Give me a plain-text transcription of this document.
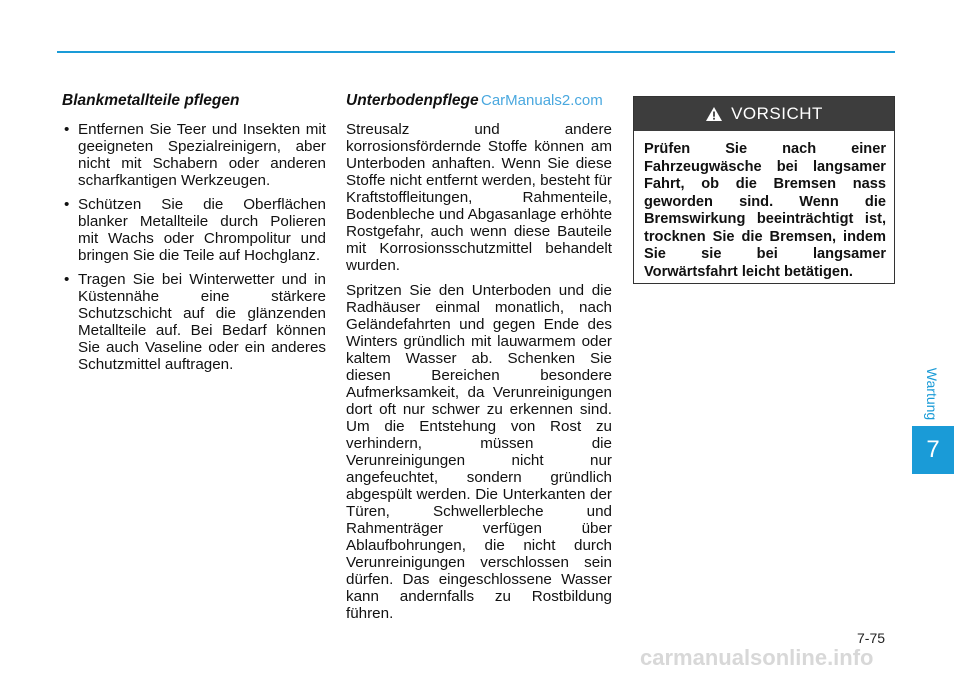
Blankmetallteile pflegen
• Entfernen Sie Teer und Insekten mit geeigneten Spezialreinigern, aber nicht mit Schabern oder anderen scharfkantigen Werkzeugen.
• Schützen Sie die Oberflächen blanker Metallteile durch Polieren mit Wachs oder Chrompolitur und bringen Sie die Teile auf Hochglanz.
• Tragen Sie bei Winterwetter und in Küstennähe eine stärkere Schutzschicht auf die glänzenden Metallteile auf. Bei Bedarf können Sie auch Vaseline oder ein anderes Schutzmittel auftragen.
Unterbodenpflege

Streusalz und andere korrosionsfördernde Stoffe können am Unterboden anhaften. Wenn Sie diese Stoffe nicht entfernt werden, besteht für Kraftstoffleitungen, Rahmenteile, Bodenbleche und Abgasanlage erhöhte Rostgefahr, auch wenn diese Bauteile mit Korrosionsschutzmittel behandelt wurden.

Spritzen Sie den Unterboden und die Radhäuser einmal monatlich, nach Geländefahrten und gegen Ende des Winters gründlich mit lauwarmem oder kaltem Wasser ab. Schenken Sie diesen Bereichen besondere Aufmerksamkeit, da Verunreinigungen dort oft nur schwer zu erkennen sind. Um die Entstehung von Rost zu verhindern, müssen die Verunreinigungen nicht nur angefeuchtet, sondern gründlich abgespült werden. Die Unterkanten der Türen, Schwellerbleche und Rahmenträger verfügen über Ablaufbohrungen, die nicht durch Verunreinigungen verschlossen sein dürfen. Das eingeschlossene Wasser kann andernfalls zu Rostbildung führen.

CarManuals2.com
VORSICHT
Prüfen Sie nach einer Fahrzeugwäsche bei langsamer Fahrt, ob die Bremsen nass geworden sind. Wenn die Bremswirkung beeinträchtigt ist, trocknen Sie die Bremsen, indem Sie sie bei langsamer Vorwärtsfahrt leicht betätigen.
Wartung
7
7-75
carmanualsonline.info
